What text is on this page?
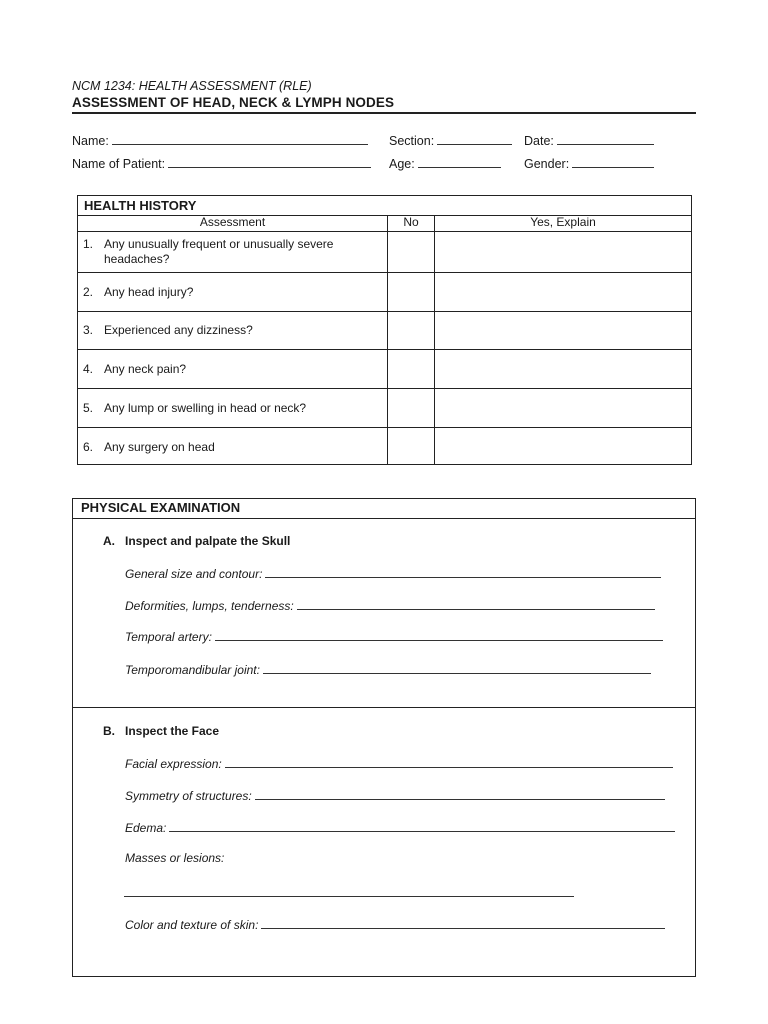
NCM 1234: HEALTH ASSESSMENT (RLE)
ASSESSMENT OF HEAD, NECK & LYMPH NODES
Name:	Section:	Date:
Name of Patient:	Age:	Gender:
HEALTH HISTORY
Assessment	No	Yes, Explain
1. Any unusually frequent or unusually severe headaches?
2. Any head injury?
3. Experienced any dizziness?
4. Any neck pain?
5. Any lump or swelling in head or neck?
6. Any surgery on head
PHYSICAL EXAMINATION
A. Inspect and palpate the Skull
General size and contour:
Deformities, lumps, tenderness:
Temporal artery:
Temporomandibular joint:
B. Inspect the Face
Facial expression:
Symmetry of structures:
Edema:
Masses or lesions:
Color and texture of skin:
